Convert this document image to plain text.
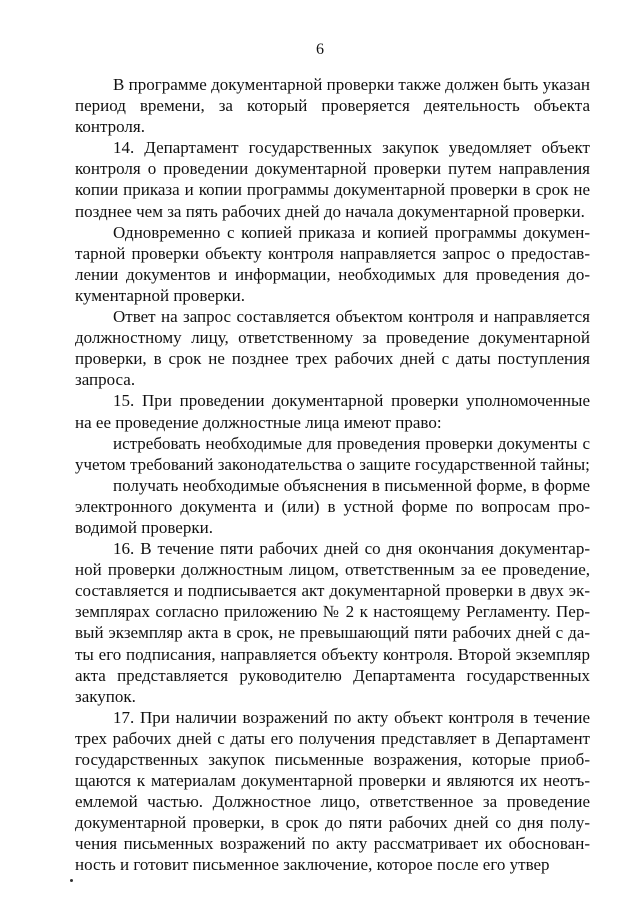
6

В программе документарной проверки также должен быть указан период времени, за который проверяется деятельность объекта контроля.

14. Департамент государственных закупок уведомляет объект контроля о проведении документарной проверки путем направления копии приказа и копии программы документарной проверки в срок не позднее чем за пять рабочих дней до начала документарной проверки.

Одновременно с копией приказа и копией программы документарной проверки объекту контроля направляется запрос о предоставлении документов и информации, необходимых для проведения документарной проверки.

Ответ на запрос составляется объектом контроля и направляется должностному лицу, ответственному за проведение документарной проверки, в срок не позднее трех рабочих дней с даты поступления запроса.

15. При проведении документарной проверки уполномоченные на ее проведение должностные лица имеют право:

истребовать необходимые для проведения проверки документы с учетом требований законодательства о защите государственной тайны;

получать необходимые объяснения в письменной форме, в форме электронного документа и (или) в устной форме по вопросам проводимой проверки.

16. В течение пяти рабочих дней со дня окончания документарной проверки должностным лицом, ответственным за ее проведение, составляется и подписывается акт документарной проверки в двух экземплярах согласно приложению № 2 к настоящему Регламенту. Первый экземпляр акта в срок, не превышающий пяти рабочих дней с даты его подписания, направляется объекту контроля. Второй экземпляр акта представляется руководителю Департамента государственных закупок.

17. При наличии возражений по акту объект контроля в течение трех рабочих дней с даты его получения представляет в Департамент государственных закупок письменные возражения, которые приобщаются к материалам документарной проверки и являются их неотъемлемой частью. Должностное лицо, ответственное за проведение документарной проверки, в срок до пяти рабочих дней со дня получения письменных возражений по акту рассматривает их обоснованность и готовит письменное заключение, которое после его утвер
